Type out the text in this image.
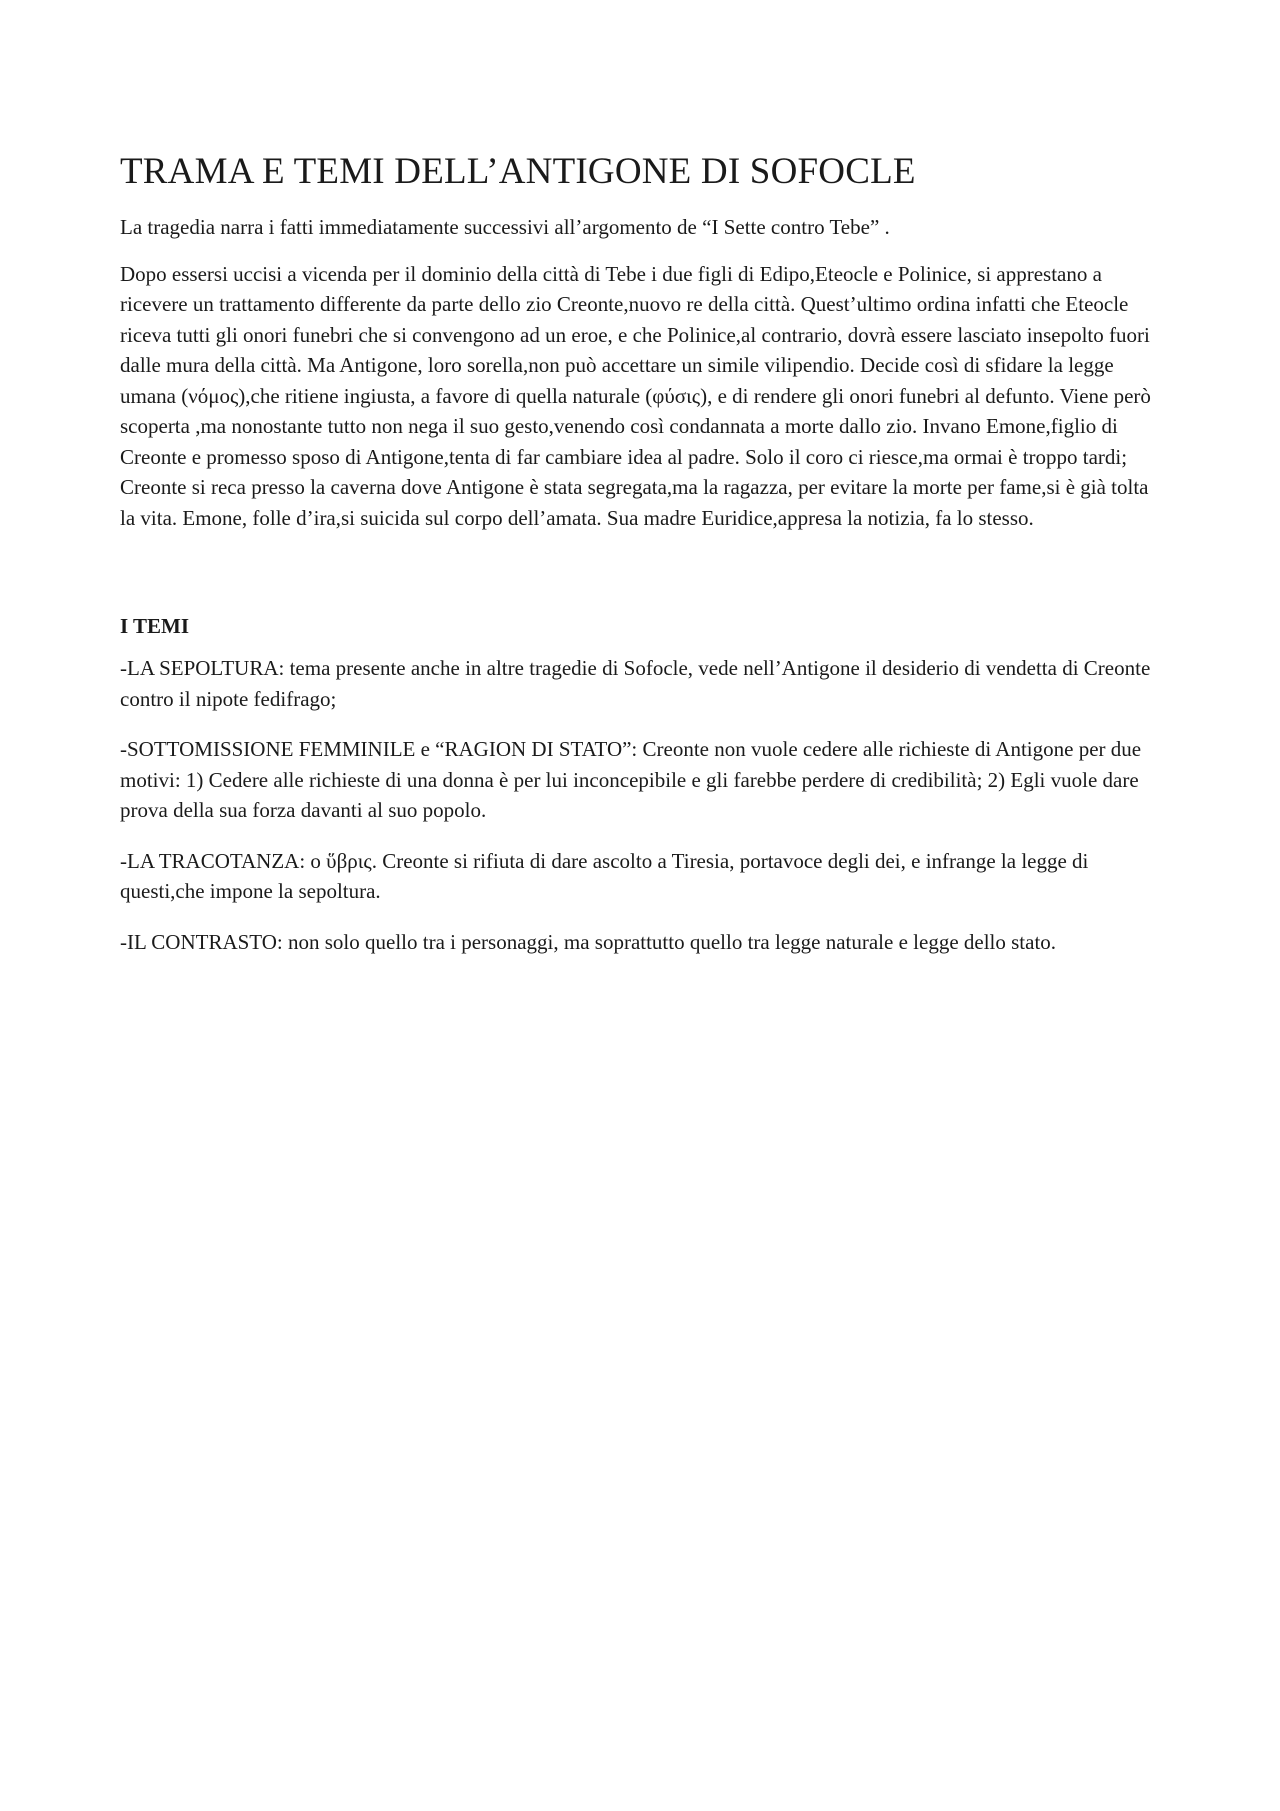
TRAMA E TEMI DELL’ANTIGONE DI SOFOCLE

La tragedia narra i fatti immediatamente successivi all’argomento de “I Sette contro Tebe” .

Dopo essersi uccisi a vicenda per il dominio della città di Tebe i due figli di Edipo,Eteocle e Polinice, si apprestano a ricevere un trattamento differente da parte dello zio Creonte,nuovo re della città. Quest’ultimo ordina infatti che Eteocle riceva tutti gli onori funebri che si convengono ad un eroe, e che Polinice,al contrario, dovrà essere lasciato insepolto fuori dalle mura della città. Ma Antigone, loro sorella,non può accettare un simile vilipendio. Decide così di sfidare la legge umana (νόμος),che ritiene ingiusta, a favore di quella naturale (φύσις), e di rendere gli onori funebri al defunto. Viene però scoperta ,ma nonostante tutto non nega il suo gesto,venendo così condannata a morte dallo zio. Invano Emone,figlio di Creonte e promesso sposo di Antigone,tenta di far cambiare idea al padre. Solo il coro ci riesce,ma ormai è troppo tardi; Creonte si reca presso la caverna dove Antigone è stata segregata,ma la ragazza, per evitare la morte per fame,si è già tolta la vita. Emone, folle d’ira,si suicida sul corpo dell’amata. Sua madre Euridice,appresa la notizia, fa lo stesso.

I TEMI

-LA SEPOLTURA: tema presente anche in altre tragedie di Sofocle, vede nell’Antigone il desiderio di vendetta di Creonte contro il nipote fedifrago;

-SOTTOMISSIONE FEMMINILE e “RAGION DI STATO”: Creonte non vuole cedere alle richieste di Antigone per due motivi: 1) Cedere alle richieste di una donna è per lui inconcepibile e gli farebbe perdere di credibilità; 2) Egli vuole dare prova della sua forza davanti al suo popolo.

-LA TRACOTANZA: o ὕβρις. Creonte si rifiuta di dare ascolto a Tiresia, portavoce degli dei, e infrange la legge di questi,che impone la sepoltura.

-IL CONTRASTO: non solo quello tra i personaggi, ma soprattutto quello tra legge naturale e legge dello stato.
